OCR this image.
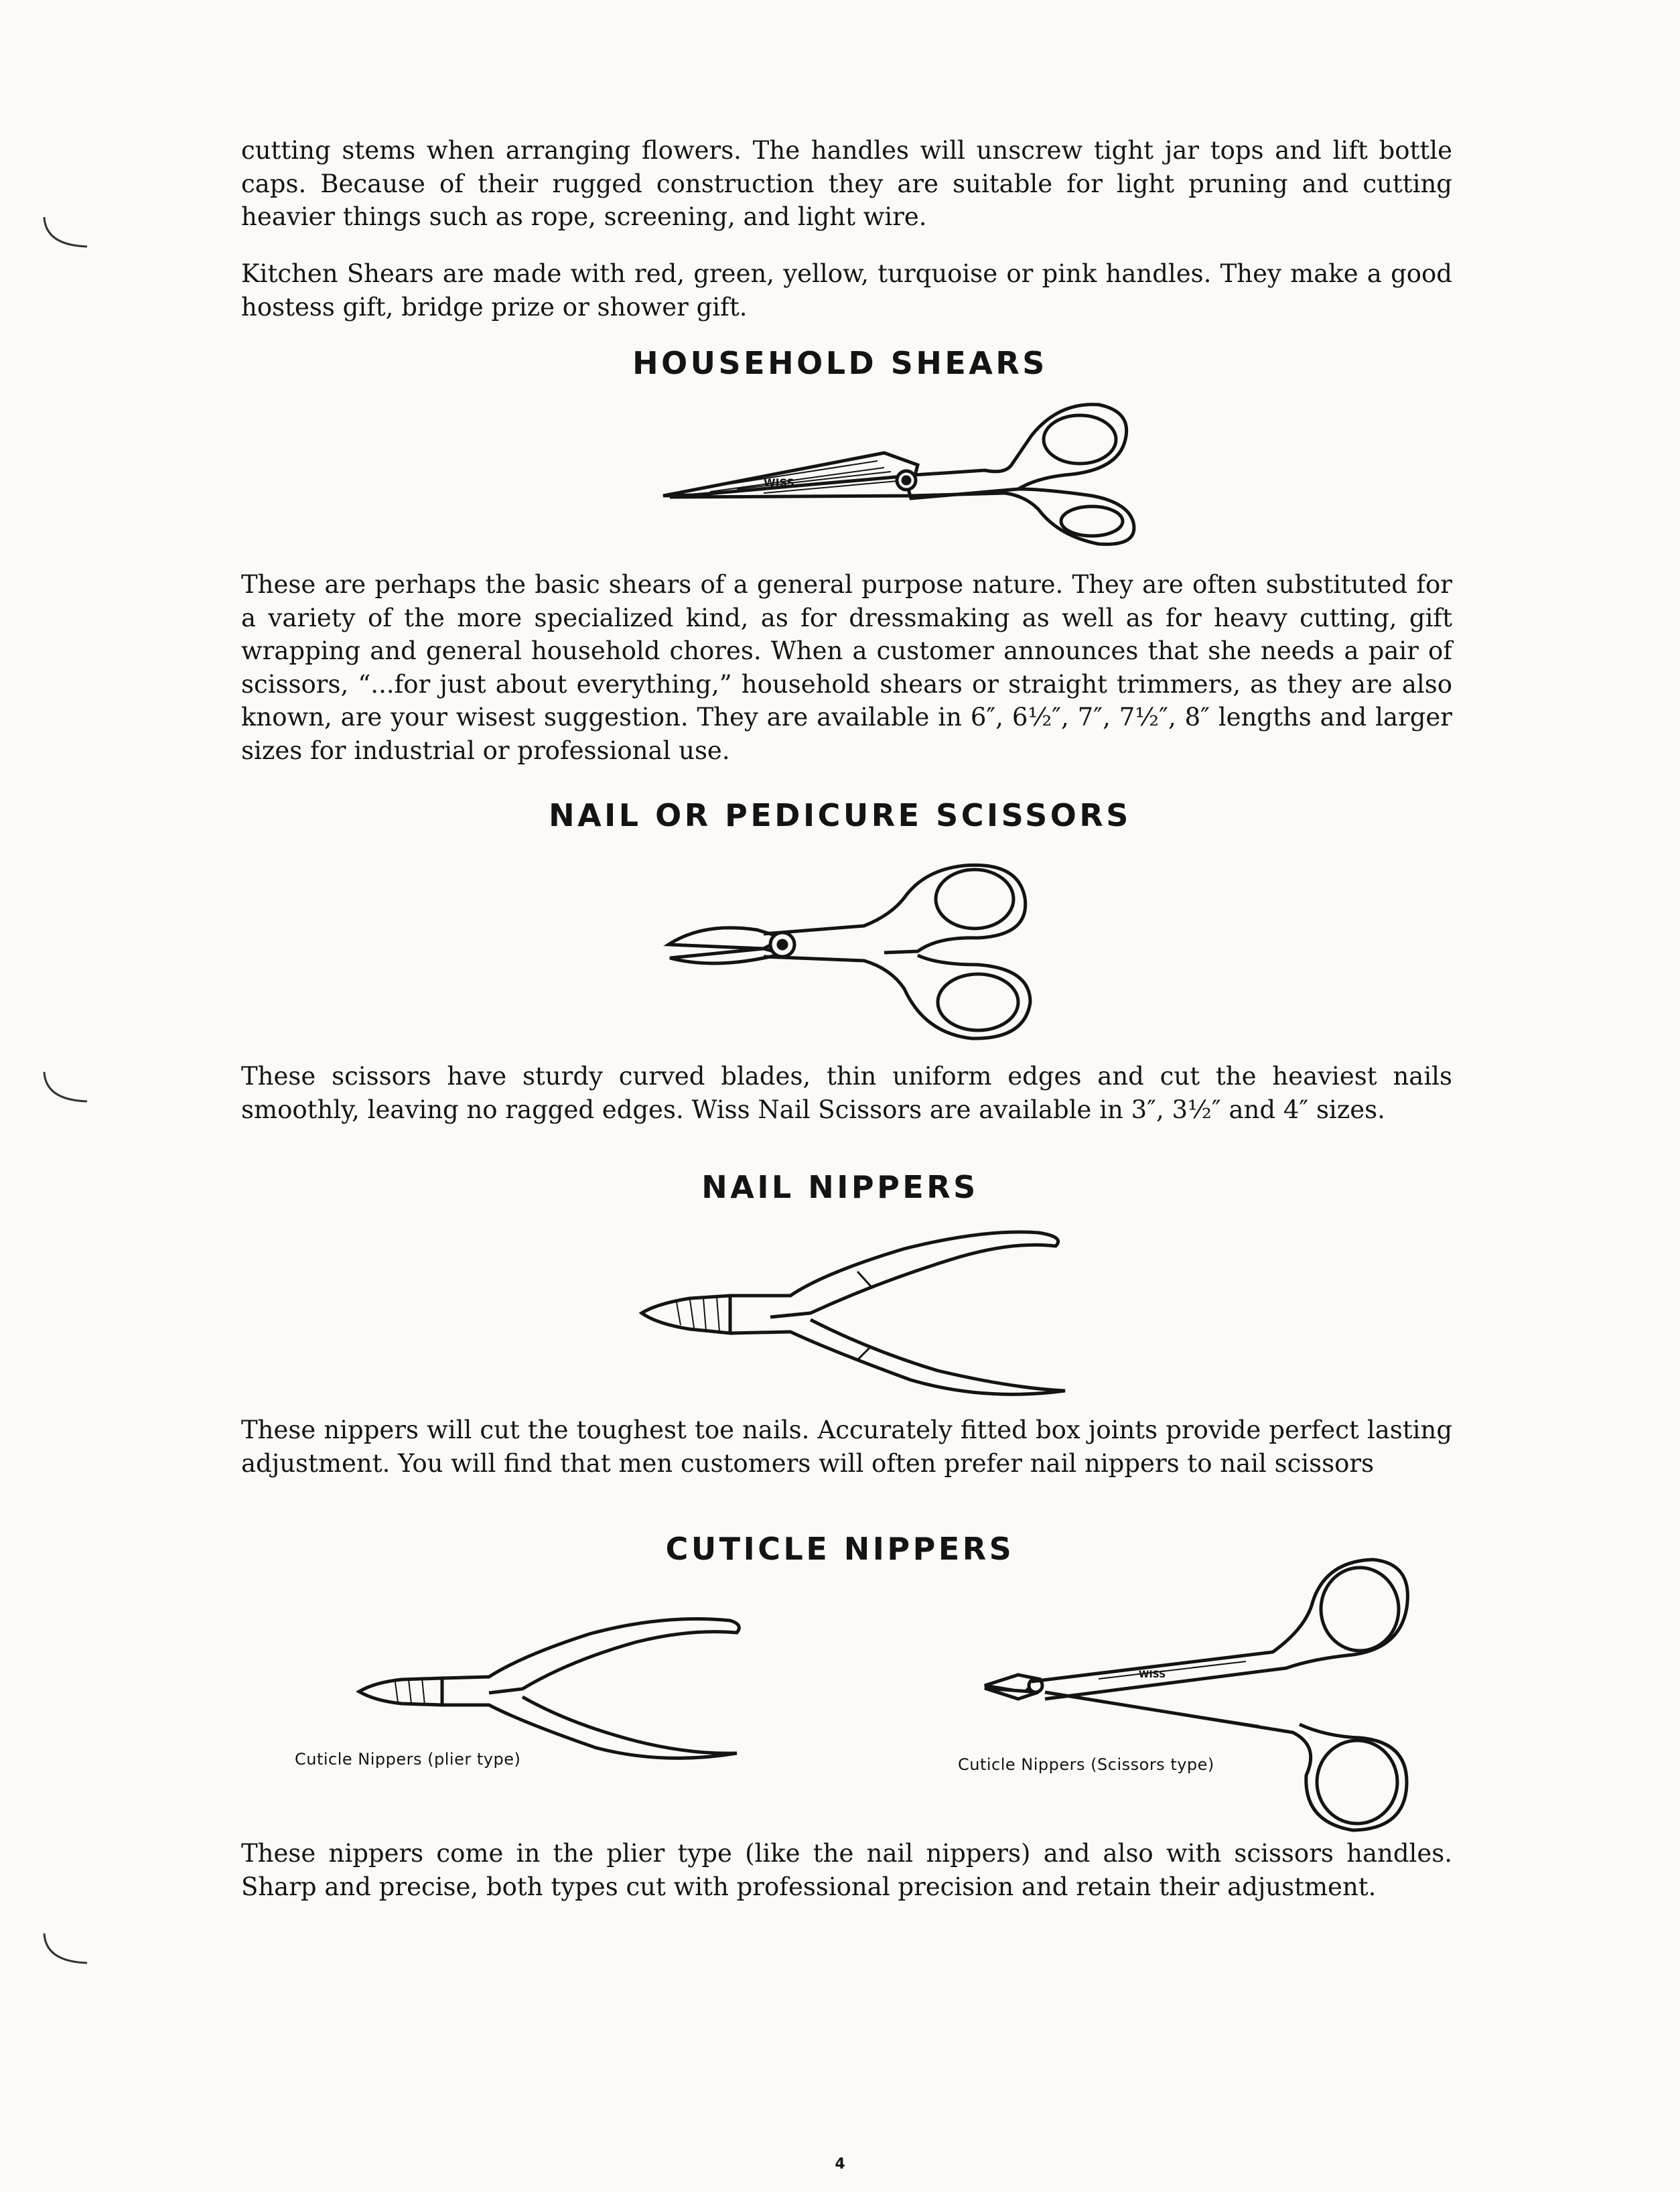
cutting stems when arranging flowers. The handles will unscrew tight jar tops and lift bottle caps. Because of their rugged construction they are suitable for light pruning and cutting heavier things such as rope, screening, and light wire.

Kitchen Shears are made with red, green, yellow, turquoise or pink handles. They make a good hostess gift, bridge prize or shower gift.

HOUSEHOLD SHEARS
WISS

These are perhaps the basic shears of a general purpose nature. They are often substituted for a variety of the more specialized kind, as for dressmaking as well as for heavy cutting, gift wrapping and general household chores. When a customer announces that she needs a pair of scissors, “...for just about everything,” household shears or straight trimmers, as they are also known, are your wisest suggestion. They are available in 6″, 6½″, 7″, 7½″, 8″ lengths and larger sizes for industrial or professional use.

NAIL OR PEDICURE SCISSORS

These scissors have sturdy curved blades, thin uniform edges and cut the heaviest nails smoothly, leaving no ragged edges. Wiss Nail Scissors are available in 3″, 3½″ and 4″ sizes.

NAIL NIPPERS

These nippers will cut the toughest toe nails. Accurately fitted box joints provide perfect lasting adjustment. You will find that men customers will often prefer nail nippers to nail scissors

CUTICLE NIPPERS
Cuticle Nippers (plier type)
WISS
Cuticle Nippers (Scissors type)

These nippers come in the plier type (like the nail nippers) and also with scissors handles. Sharp and precise, both types cut with professional precision and retain their adjustment.

4
